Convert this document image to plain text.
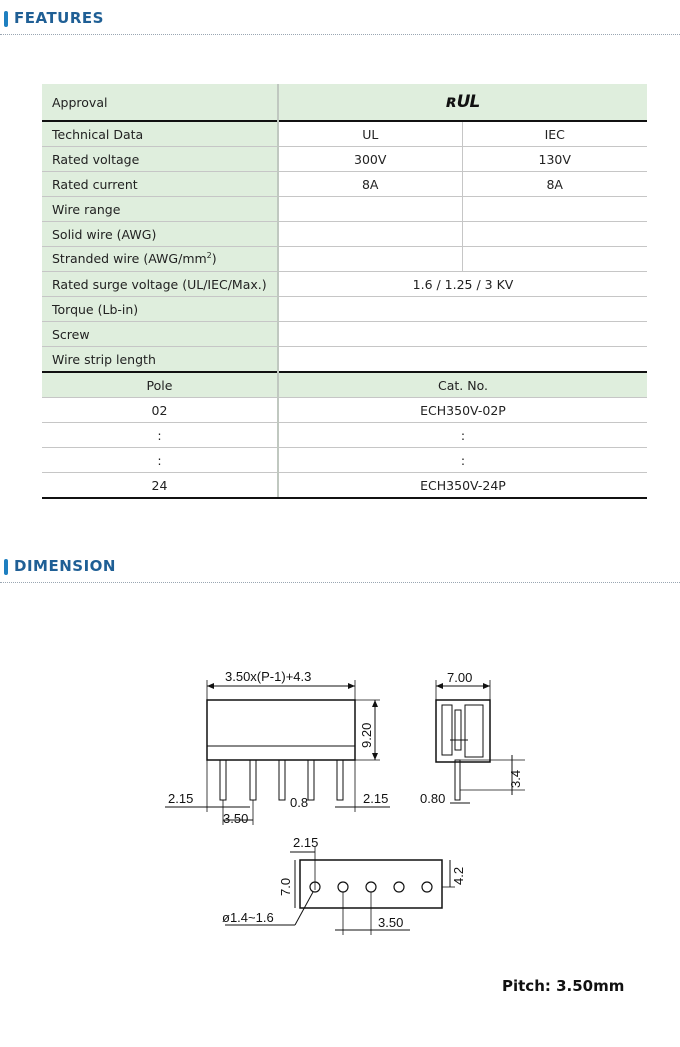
FEATURES
Approval	ʀUL	
Technical Data	UL	IEC
Rated voltage	300V	130V
Rated current	8A	8A
Wire range		
Solid wire (AWG)		
Stranded wire $(AWG/mm^2)$		
Rated surge voltage (UL/IEC/Max.)	1.6 / 1.25 / 3 KV	
Torque (Lb-in)		
Screw		
Wire strip length		
Pole	Cat. No.	
02	ECH350V-02P	
:	:	
:	:	
24	ECH350V-24P	
DIMENSION
3.50x(P-1)+4.3
9.20
2.15
3.50
0.8	2.15
7.00
3.4
0.80
2.15
7.0
4.2
ø1.4~1.6	3.50
Pitch: 3.50mm
